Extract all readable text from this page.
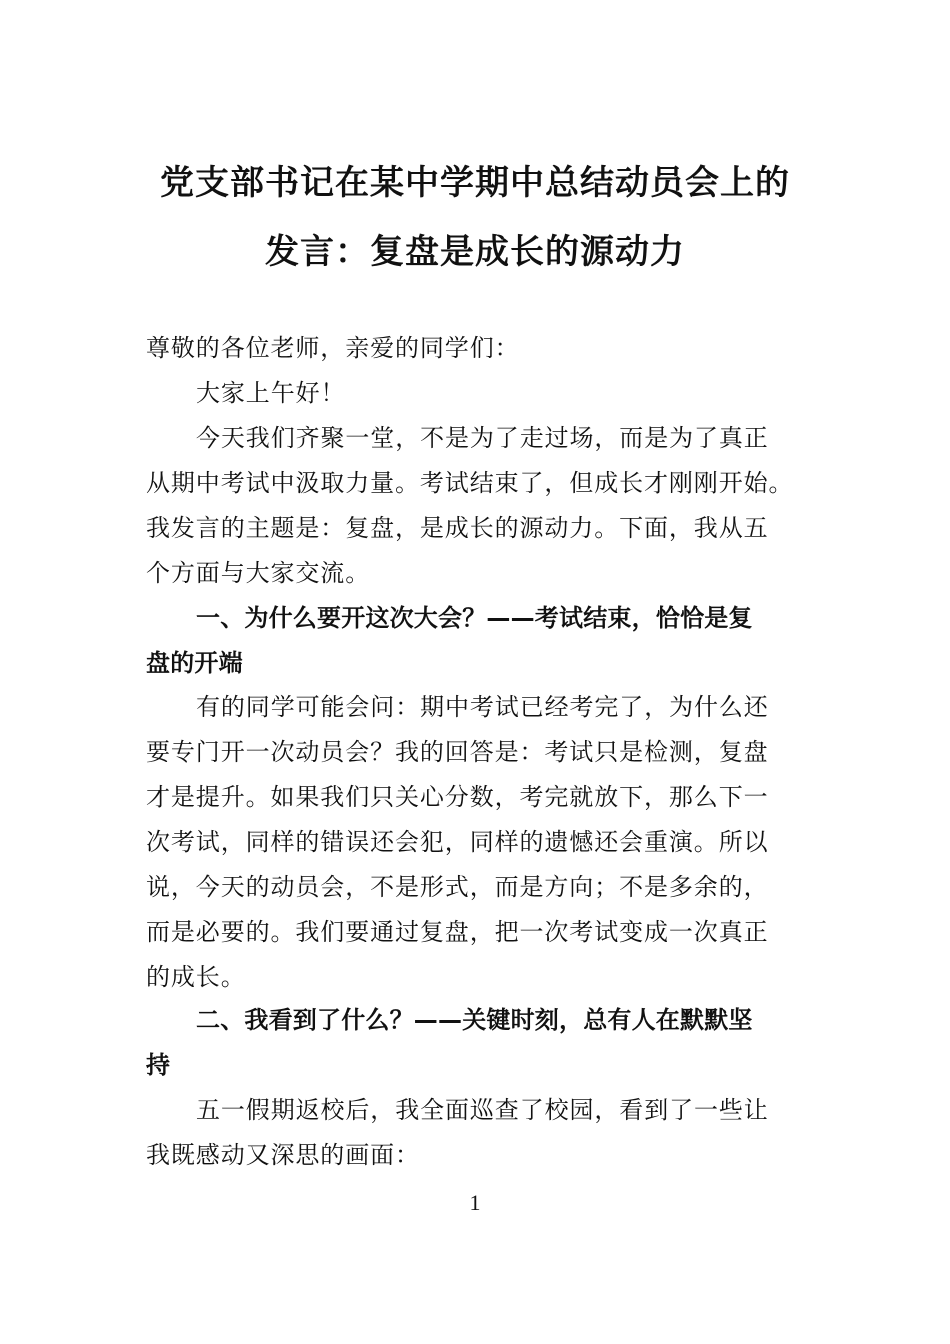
党支部书记在某中学期中总结动员会上的
发言：复盘是成长的源动力
尊敬的各位老师，亲爱的同学们：
大家上午好！
今天我们齐聚一堂，不是为了走过场，而是为了真正
从期中考试中汲取力量。考试结束了，但成长才刚刚开始。
我发言的主题是：复盘，是成长的源动力。下面，我从五
个方面与大家交流。
一、为什么要开这次大会？——考试结束，恰恰是复
盘的开端
有的同学可能会问：期中考试已经考完了，为什么还
要专门开一次动员会？我的回答是：考试只是检测，复盘
才是提升。如果我们只关心分数，考完就放下，那么下一
次考试，同样的错误还会犯，同样的遗憾还会重演。所以
说，今天的动员会，不是形式，而是方向；不是多余的，
而是必要的。我们要通过复盘，把一次考试变成一次真正
的成长。
二、我看到了什么？——关键时刻，总有人在默默坚
持
五一假期返校后，我全面巡查了校园，看到了一些让
我既感动又深思的画面：
1
